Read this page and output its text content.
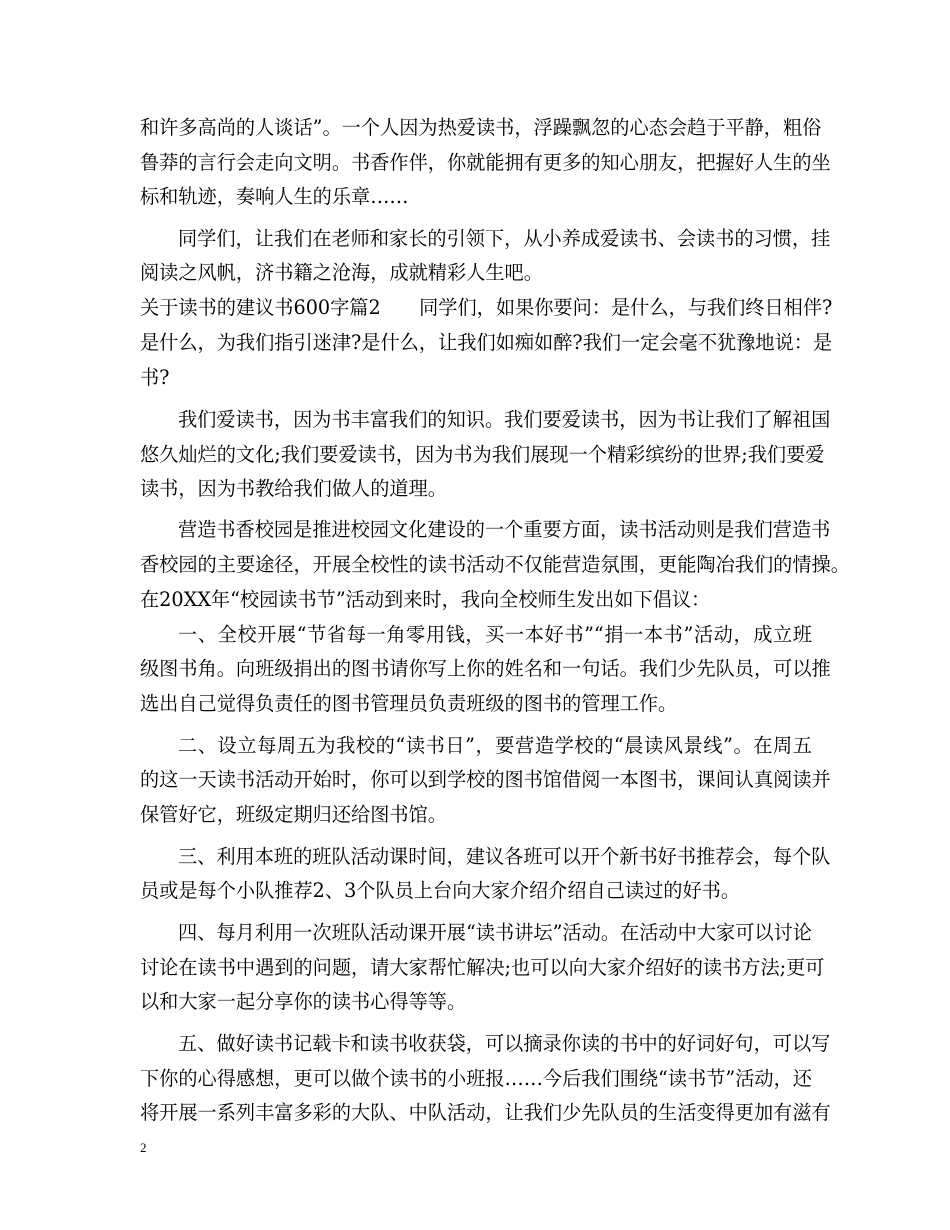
和许多高尚的人谈话”。一个人因为热爱读书，浮躁飘忽的心态会趋于平静，粗俗
鲁莽的言行会走向文明。书香作伴，你就能拥有更多的知心朋友，把握好人生的坐
标和轨迹，奏响人生的乐章……
同学们，让我们在老师和家长的引领下，从小养成爱读书、会读书的习惯，挂
阅读之风帆，济书籍之沧海，成就精彩人生吧。
关于读书的建议书600字篇2　　同学们，如果你要问：是什么，与我们终日相伴?
是什么，为我们指引迷津?是什么，让我们如痴如醉?我们一定会毫不犹豫地说：是
书?
我们爱读书，因为书丰富我们的知识。我们要爱读书，因为书让我们了解祖国
悠久灿烂的文化;我们要爱读书，因为书为我们展现一个精彩缤纷的世界;我们要爱
读书，因为书教给我们做人的道理。
营造书香校园是推进校园文化建设的一个重要方面，读书活动则是我们营造书
香校园的主要途径，开展全校性的读书活动不仅能营造氛围，更能陶冶我们的情操。
在20XX年“校园读书节”活动到来时，我向全校师生发出如下倡议：
一、全校开展“节省每一角零用钱，买一本好书”“捐一本书”活动，成立班
级图书角。向班级捐出的图书请你写上你的姓名和一句话。我们少先队员，可以推
选出自己觉得负责任的图书管理员负责班级的图书的管理工作。
二、设立每周五为我校的“读书日”，要营造学校的“晨读风景线”。在周五
的这一天读书活动开始时，你可以到学校的图书馆借阅一本图书，课间认真阅读并
保管好它，班级定期归还给图书馆。
三、利用本班的班队活动课时间，建议各班可以开个新书好书推荐会，每个队
员或是每个小队推荐2、3个队员上台向大家介绍介绍自己读过的好书。
四、每月利用一次班队活动课开展“读书讲坛”活动。在活动中大家可以讨论
讨论在读书中遇到的问题，请大家帮忙解决;也可以向大家介绍好的读书方法;更可
以和大家一起分享你的读书心得等等。
五、做好读书记载卡和读书收获袋，可以摘录你读的书中的好词好句，可以写
下你的心得感想，更可以做个读书的小班报……今后我们围绕“读书节”活动，还
将开展一系列丰富多彩的大队、中队活动，让我们少先队员的生活变得更加有滋有
2
